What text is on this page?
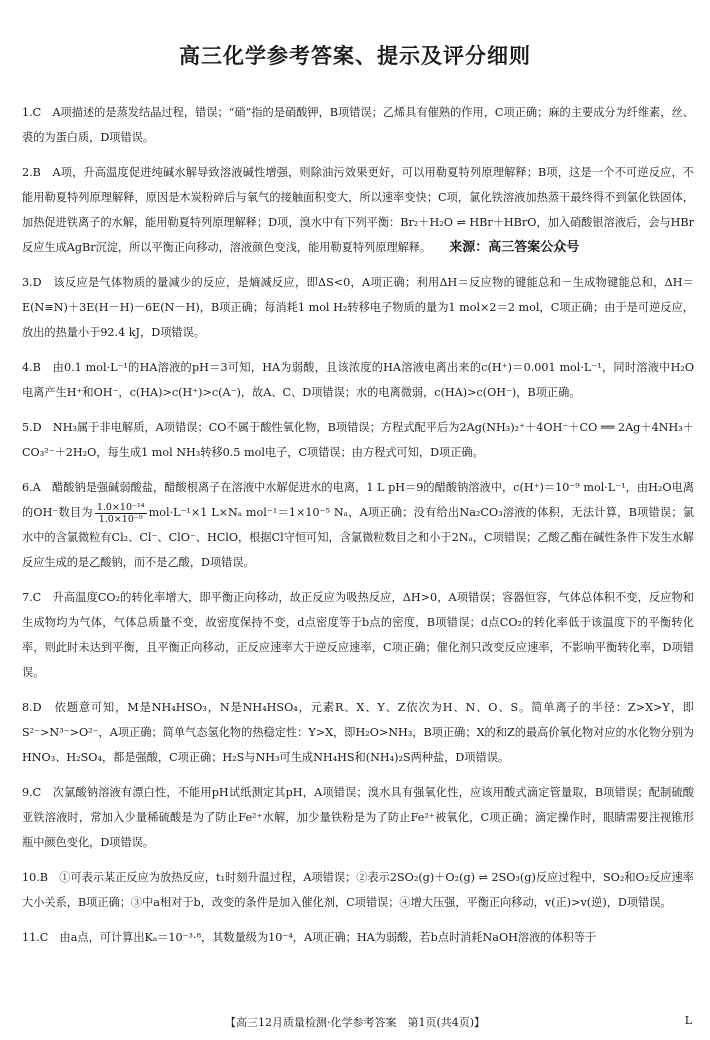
高三化学参考答案、提示及评分细则

1.C　A项描述的是蒸发结晶过程，错误；“硝”指的是硝酸钾，B项错误；乙烯具有催熟的作用，C项正确；麻的主要成分为纤维素，丝、裘的为蛋白质，D项错误。

2.B　A项，升高温度促进纯碱水解导致溶液碱性增强，则除油污效果更好，可以用勒夏特列原理解释；B项，这是一个不可逆反应，不能用勒夏特列原理解释，原因是木炭粉碎后与氧气的接触面积变大，所以速率变快；C项，氯化铁溶液加热蒸干最终得不到氯化铁固体，加热促进铁离子的水解，能用勒夏特列原理解释；D项，溴水中有下列平衡：Br₂＋H₂O ⇌ HBr＋HBrO，加入硝酸银溶液后，会与HBr反应生成AgBr沉淀，所以平衡正向移动，溶液颜色变浅，能用勒夏特列原理解释。 来源：高三答案公众号

3.D　该反应是气体物质的量减少的反应，是熵减反应，即ΔS<0，A项正确；利用ΔH＝反应物的键能总和－生成物键能总和，ΔH＝E(N≡N)＋3E(H－H)－6E(N－H)，B项正确；每消耗1 mol H₂转移电子物质的量为1 mol×2＝2 mol，C项正确；由于是可逆反应，放出的热量小于92.4 kJ，D项错误。

4.B　由0.1 mol·L⁻¹的HA溶液的pH＝3可知，HA为弱酸，且该浓度的HA溶液电离出来的c(H⁺)＝0.001 mol·L⁻¹，同时溶液中H₂O电离产生H⁺和OH⁻，c(HA)>c(H⁺)>c(A⁻)，故A、C、D项错误；水的电离微弱，c(HA)>c(OH⁻)，B项正确。

5.D　NH₃属于非电解质，A项错误；CO不属于酸性氧化物，B项错误；方程式配平后为2Ag(NH₃)₂⁺＋4OH⁻＋CO ══ 2Ag＋4NH₃＋CO₃²⁻＋2H₂O，每生成1 mol NH₃转移0.5 mol电子，C项错误；由方程式可知，D项正确。

6.A　醋酸钠是强碱弱酸盐，醋酸根离子在溶液中水解促进水的电离，1 L pH＝9的醋酸钠溶液中，c(H⁺)＝10⁻⁹ mol·L⁻¹，由H₂O电离的OH⁻数目为 $\frac{\text{1.0×10⁻¹⁴}}{\text{1.0×10⁻⁹}} mol\cdot L^{-1}\times 1$ L×Nₐ mol⁻¹＝1×10⁻⁵ Nₐ，A项正确；没有给出Na₂CO₃溶液的体积，无法计算，B项错误；氯水中的含氯微粒有Cl₂、Cl⁻、ClO⁻、HClO，根据Cl守恒可知，含氯微粒数目之和小于2Nₐ，C项错误；乙酸乙酯在碱性条件下发生水解反应生成的是乙酸钠，而不是乙酸，D项错误。

7.C　升高温度CO₂的转化率增大，即平衡正向移动，故正反应为吸热反应，ΔH>0，A项错误；容器恒容，气体总体积不变，反应物和生成物均为气体，气体总质量不变，故密度保持不变，d点密度等于b点的密度，B项错误；d点CO₂的转化率低于该温度下的平衡转化率，则此时未达到平衡，且平衡正向移动，正反应速率大于逆反应速率，C项正确；催化剂只改变反应速率，不影响平衡转化率，D项错误。

8.D　依题意可知，M是NH₄HSO₃，N是NH₄HSO₄，元素R、X、Y、Z依次为H、N、O、S。简单离子的半径：Z>X>Y，即S²⁻>N³⁻>O²⁻，A项正确；简单气态氢化物的热稳定性：Y>X，即H₂O>NH₃，B项正确；X的和Z的最高价氧化物对应的水化物分别为HNO₃、H₂SO₄，都是强酸，C项正确；H₂S与NH₃可生成NH₄HS和(NH₄)₂S两种盐，D项错误。

9.C　次氯酸钠溶液有漂白性，不能用pH试纸测定其pH，A项错误；溴水具有强氧化性，应该用酸式滴定管量取，B项错误；配制硫酸亚铁溶液时，常加入少量稀硫酸是为了防止Fe²⁺水解，加少量铁粉是为了防止Fe²⁺被氧化，C项正确；滴定操作时，眼睛需要注视锥形瓶中颜色变化，D项错误。

10.B　①可表示某正反应为放热反应，t₁时刻升温过程，A项错误；②表示2SO₂(g)＋O₂(g) ⇌ 2SO₃(g)反应过程中，SO₂和O₂反应速率大小关系，B项正确；③中a相对于b，改变的条件是加入催化剂，C项错误；④增大压强，平衡正向移动，v(正)>v(逆)，D项错误。

11.C　由a点，可计算出Kₐ＝10⁻³·⁸，其数量级为10⁻⁴，A项正确；HA为弱酸，若b点时消耗NaOH溶液的体积等于

【高三12月质量检测·化学参考答案　第1页(共4页)】	L
